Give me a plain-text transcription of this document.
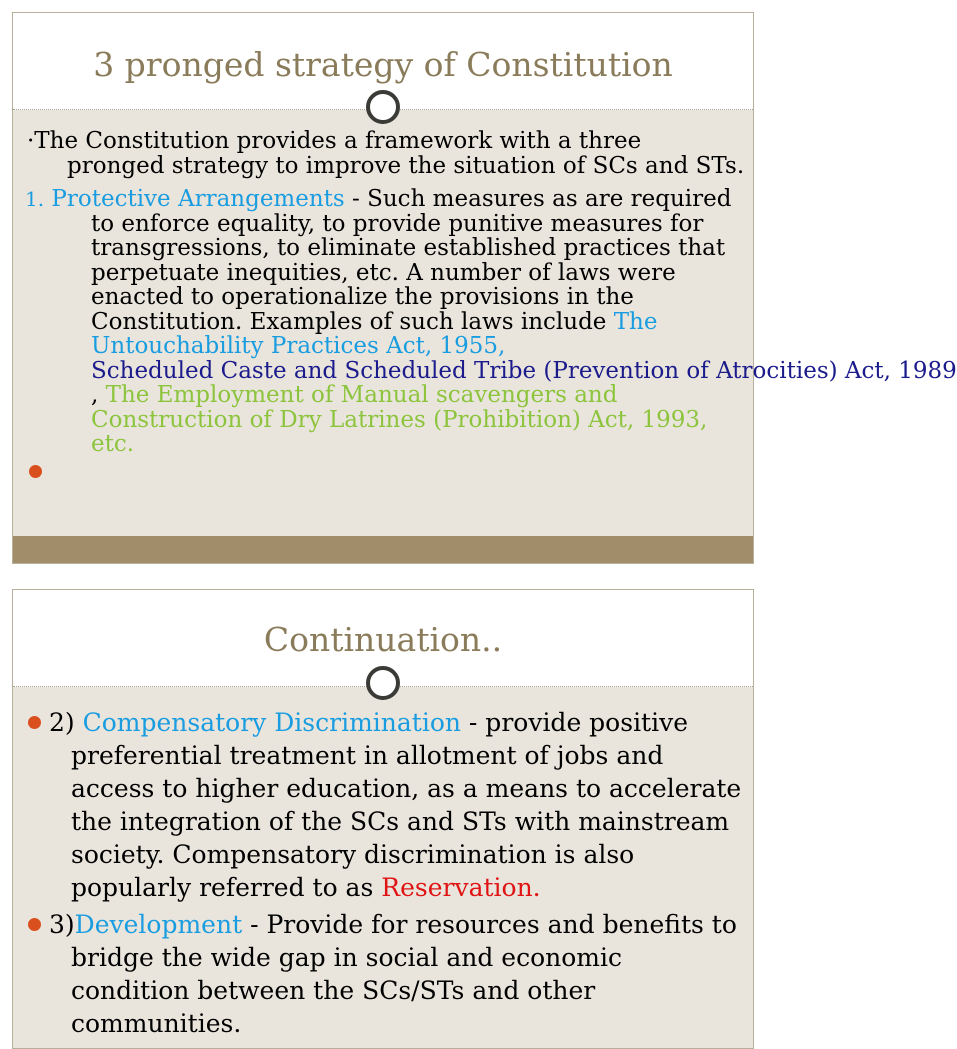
3 pronged strategy of Constitution

·The Constitution provides a framework with a three
pronged strategy to improve the situation of SCs and STs.

1. Protective Arrangements - Such measures as are required
to enforce equality, to provide punitive measures for
transgressions, to eliminate established practices that
perpetuate inequities, etc. A number of laws were
enacted to operationalize the provisions in the
Constitution. Examples of such laws include The
Untouchability Practices Act, 1955,
Scheduled Caste and Scheduled Tribe (Prevention of Atrocities) Act, 1989
, The Employment of Manual scavengers and
Construction of Dry Latrines (Prohibition) Act, 1993,
etc.
Continuation..
2) Compensatory Discrimination - provide positive
preferential treatment in allotment of jobs and
access to higher education, as a means to accelerate
the integration of the SCs and STs with mainstream
society. Compensatory discrimination is also
popularly referred to as Reservation.
3)Development - Provide for resources and benefits to
bridge the wide gap in social and economic
condition between the SCs/STs and other
communities.
